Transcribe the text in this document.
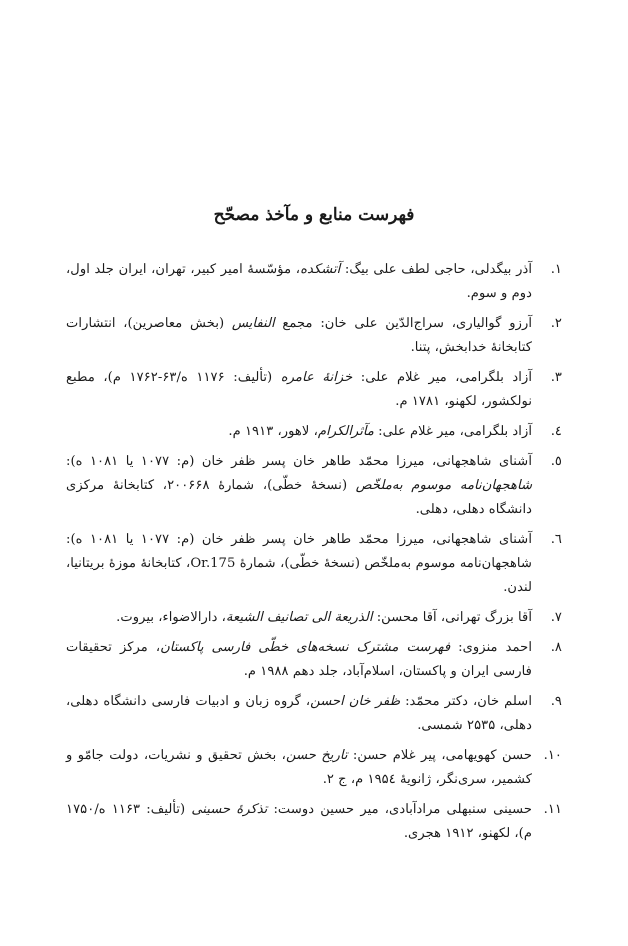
فهرست منابع و مآخذ مصحّح
۱.
آذر بیگدلی، حاجی لطف علی بیگ: آتشکده، مؤسّسهٔ امیر کبیر، تهران، ایران جلد اول، دوم و سوم.
۲.
آرزو گوالیاری، سراج‌الدّین علی خان: مجمع النفایس (بخش معاصرین)، انتشارات کتابخانهٔ خدابخش، پتنا.
۳.
آزاد بلگرامی، میر غلام علی: خزانهٔ عامره (تألیف: ۱۱۷۶ ه/۶۳-۱۷۶۲ م)، مطبع نولکشور، لکهنو، ۱۷۸۱ م.
٤.
آزاد بلگرامی، میر غلام علی: مآثرالکرام، لاهور، ۱۹۱۳ م.
٥.
آشنای شاهجهانی، میرزا محمّد طاهر خان پسر ظفر خان (م: ۱۰۷۷ یا ۱۰۸۱ ه): شاهجهان‌نامه موسوم به‌ملخّص (نسخهٔ خطّی)، شمارهٔ ۲۰۰۶۶۸، کتابخانهٔ مرکزی دانشگاه دهلی، دهلی.
٦.
آشنای شاهجهانی، میرزا محمّد طاهر خان پسر ظفر خان (م: ۱۰۷۷ یا ۱۰۸۱ ه): شاهجهان‌نامه موسوم به‌ملخّص (نسخهٔ خطّی)، شمارهٔ Or.175، کتابخانهٔ موزهٔ بریتانیا، لندن.
۷.
آقا بزرگ تهرانی، آقا محسن: الذریعة الی تصانیف الشیعة، دارالاضواء، بیروت.
۸.
احمد منزوی: فهرست مشترک نسخه‌های خطّی فارسی پاکستان، مرکز تحقیقات فارسی ایران و پاکستان، اسلام‌آباد، جلد دهم ۱۹۸۸ م.
۹.
اسلم خان، دکتر محمّد: ظفر خان احسن، گروه زبان و ادبیات فارسی دانشگاه دهلی، دهلی، ۲۵۳۵ شمسی.
۱۰.
حسن کهویهامی، پیر غلام حسن: تاریخ حسن، بخش تحقیق و نشریات، دولت جامّو و کشمیر، سری‌نگر، ژانویهٔ ۱۹۵٤ م، ج ۲.
۱۱.
حسینی سنبهلی مرادآبادی، میر حسین دوست: تذکرهٔ حسینی (تألیف: ۱۱۶۳ ه/۱۷۵۰ م)، لکهنو، ۱۹۱۲ هجری.
